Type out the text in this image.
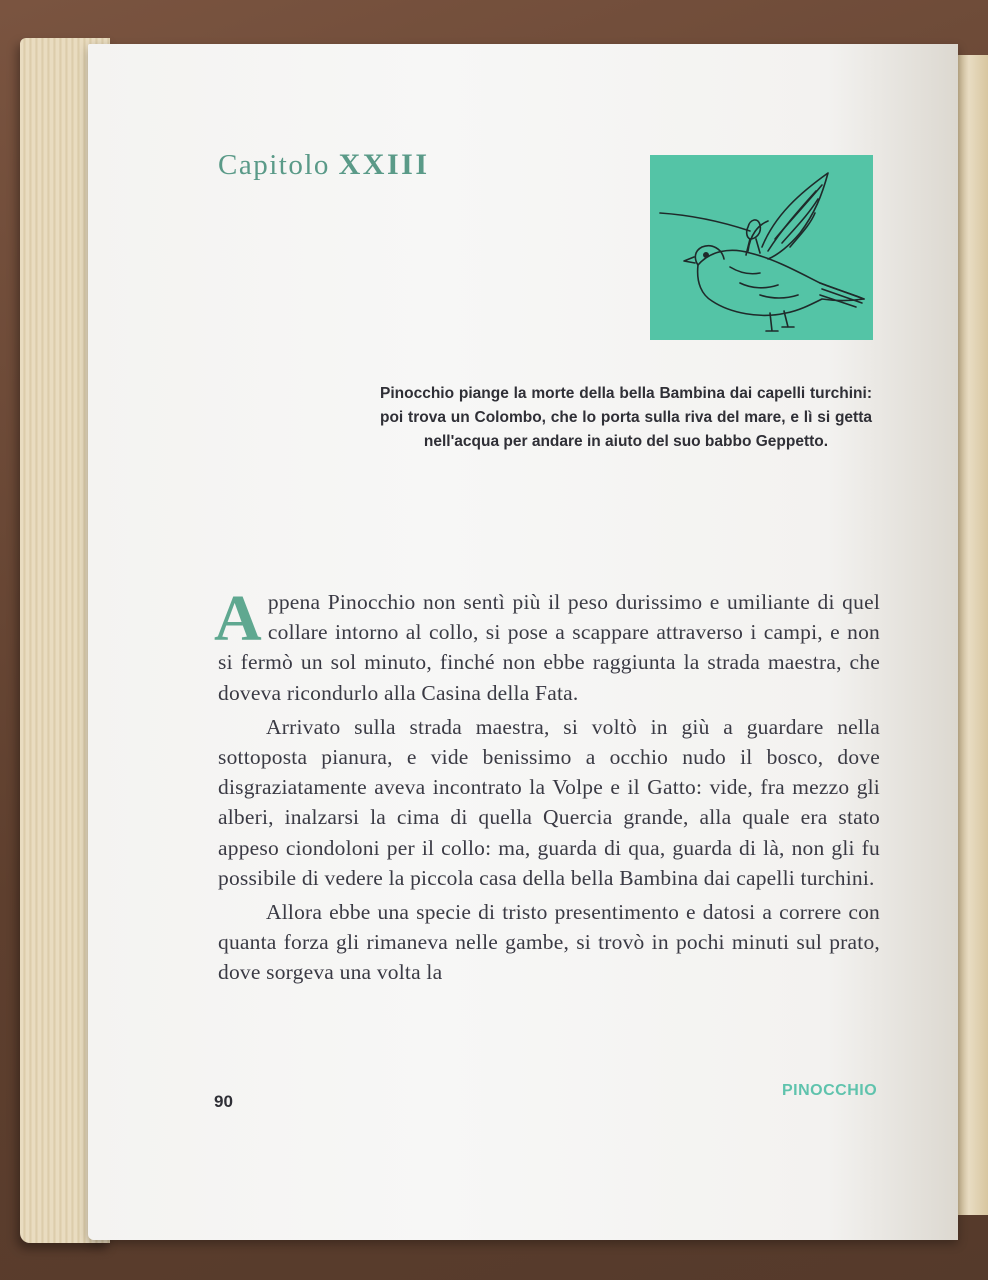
Capitolo XXIII
Pinocchio piange la morte della bella Bambina dai capelli turchini: poi trova un Colombo, che lo porta sulla riva del mare, e lì si getta nell'acqua per andare in aiuto del suo babbo Geppetto.

Appena Pinocchio non sentì più il peso durissimo e umiliante di quel collare intorno al collo, si pose a scappare attraverso i campi, e non si fermò un sol minuto, finché non ebbe raggiunta la strada maestra, che doveva ricondurlo alla Casina della Fata.

Arrivato sulla strada maestra, si voltò in giù a guardare nella sottoposta pianura, e vide benissimo a occhio nudo il bosco, dove disgraziatamente aveva incontrato la Volpe e il Gatto: vide, fra mezzo gli alberi, inalzarsi la cima di quella Quercia grande, alla quale era stato appeso ciondoloni per il collo: ma, guarda di qua, guarda di là, non gli fu possibile di vedere la piccola casa della bella Bambina dai capelli turchini.

Allora ebbe una specie di tristo presentimento e datosi a correre con quanta forza gli rimaneva nelle gambe, si trovò in pochi minuti sul prato, dove sorgeva una volta la

90
PINOCCHIO
